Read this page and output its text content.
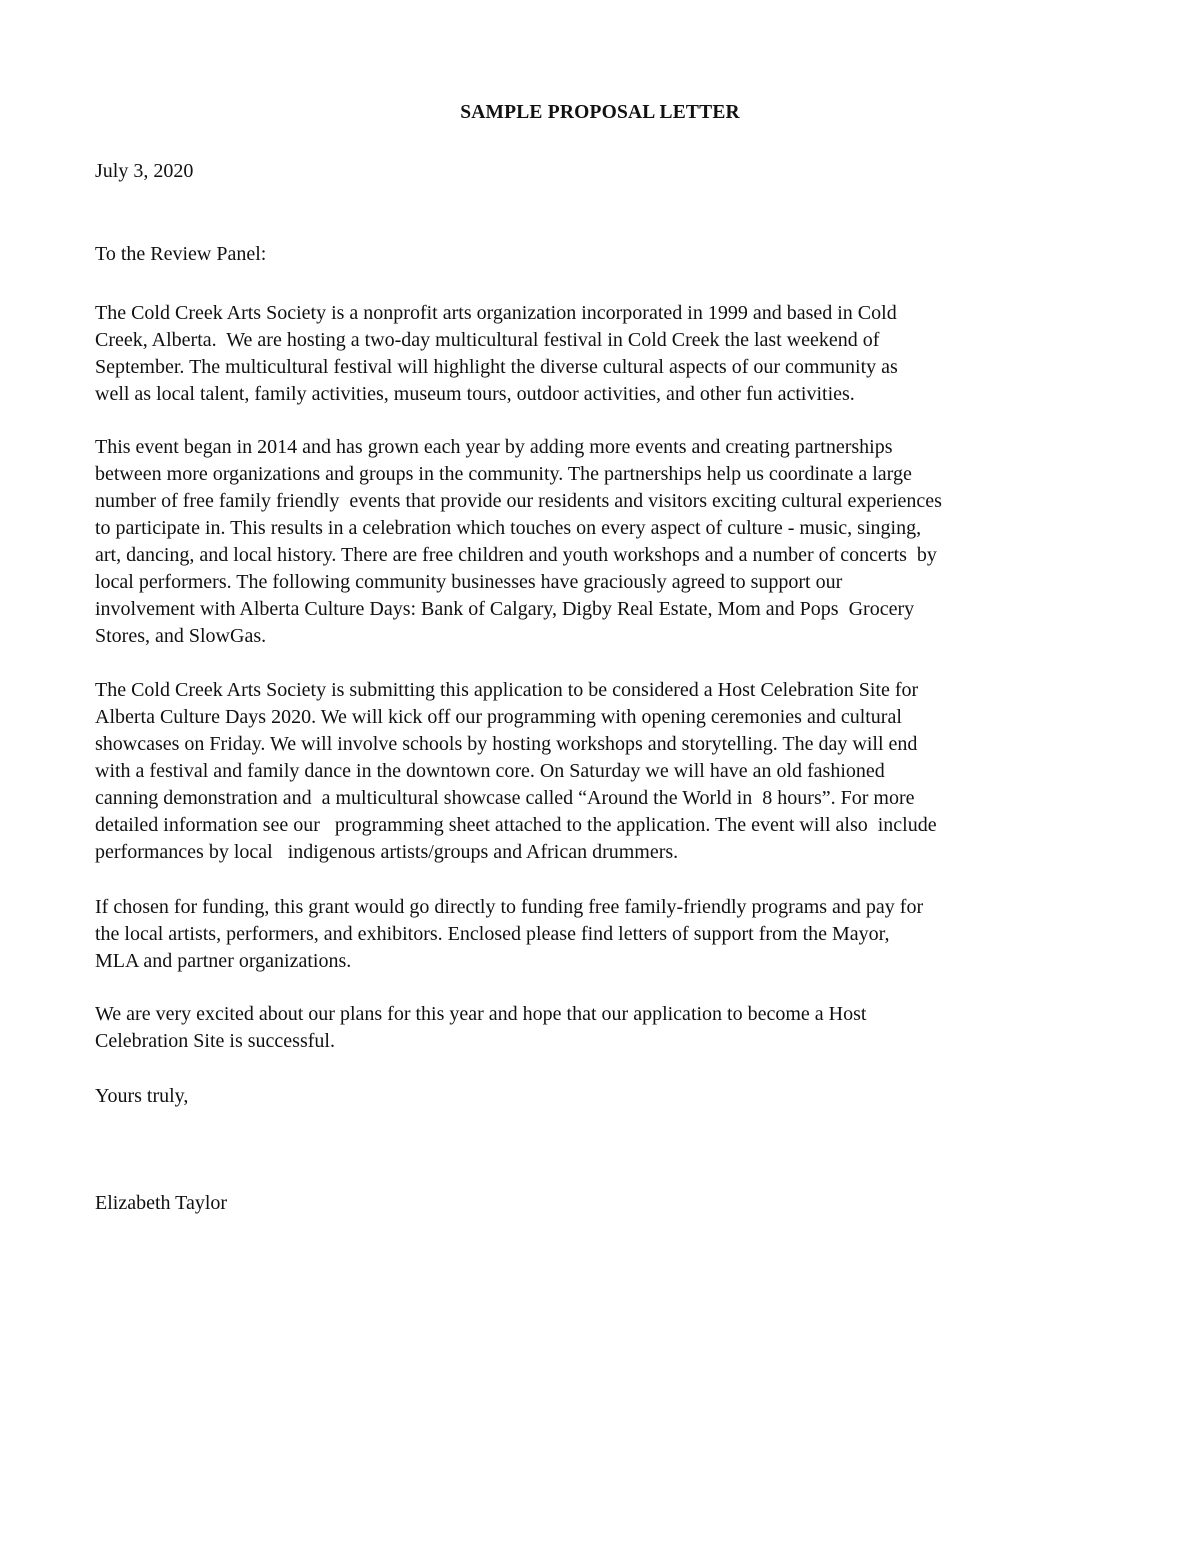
SAMPLE PROPOSAL LETTER
July 3, 2020
To the Review Panel:
The Cold Creek Arts Society is a nonprofit arts organization incorporated in 1999 and based in Cold
Creek, Alberta.  We are hosting a two-day multicultural festival in Cold Creek the last weekend of
September. The multicultural festival will highlight the diverse cultural aspects of our community as
well as local talent, family activities, museum tours, outdoor activities, and other fun activities.
This event began in 2014 and has grown each year by adding more events and creating partnerships
between more organizations and groups in the community. The partnerships help us coordinate a large
number of free family friendly  events that provide our residents and visitors exciting cultural experiences
to participate in. This results in a celebration which touches on every aspect of culture - music, singing,
art, dancing, and local history. There are free children and youth workshops and a number of concerts  by
local performers. The following community businesses have graciously agreed to support our
involvement with Alberta Culture Days: Bank of Calgary, Digby Real Estate, Mom and Pops  Grocery
Stores, and SlowGas.
The Cold Creek Arts Society is submitting this application to be considered a Host Celebration Site for
Alberta Culture Days 2020. We will kick off our programming with opening ceremonies and cultural
showcases on Friday. We will involve schools by hosting workshops and storytelling. The day will end
with a festival and family dance in the downtown core. On Saturday we will have an old fashioned
canning demonstration and  a multicultural showcase called “Around the World in  8 hours”. For more
detailed information see our   programming sheet attached to the application. The event will also  include
performances by local   indigenous artists/groups and African drummers.
If chosen for funding, this grant would go directly to funding free family-friendly programs and pay for
the local artists, performers, and exhibitors. Enclosed please find letters of support from the Mayor,
MLA and partner organizations.
We are very excited about our plans for this year and hope that our application to become a Host
Celebration Site is successful.
Yours truly,
Elizabeth Taylor
